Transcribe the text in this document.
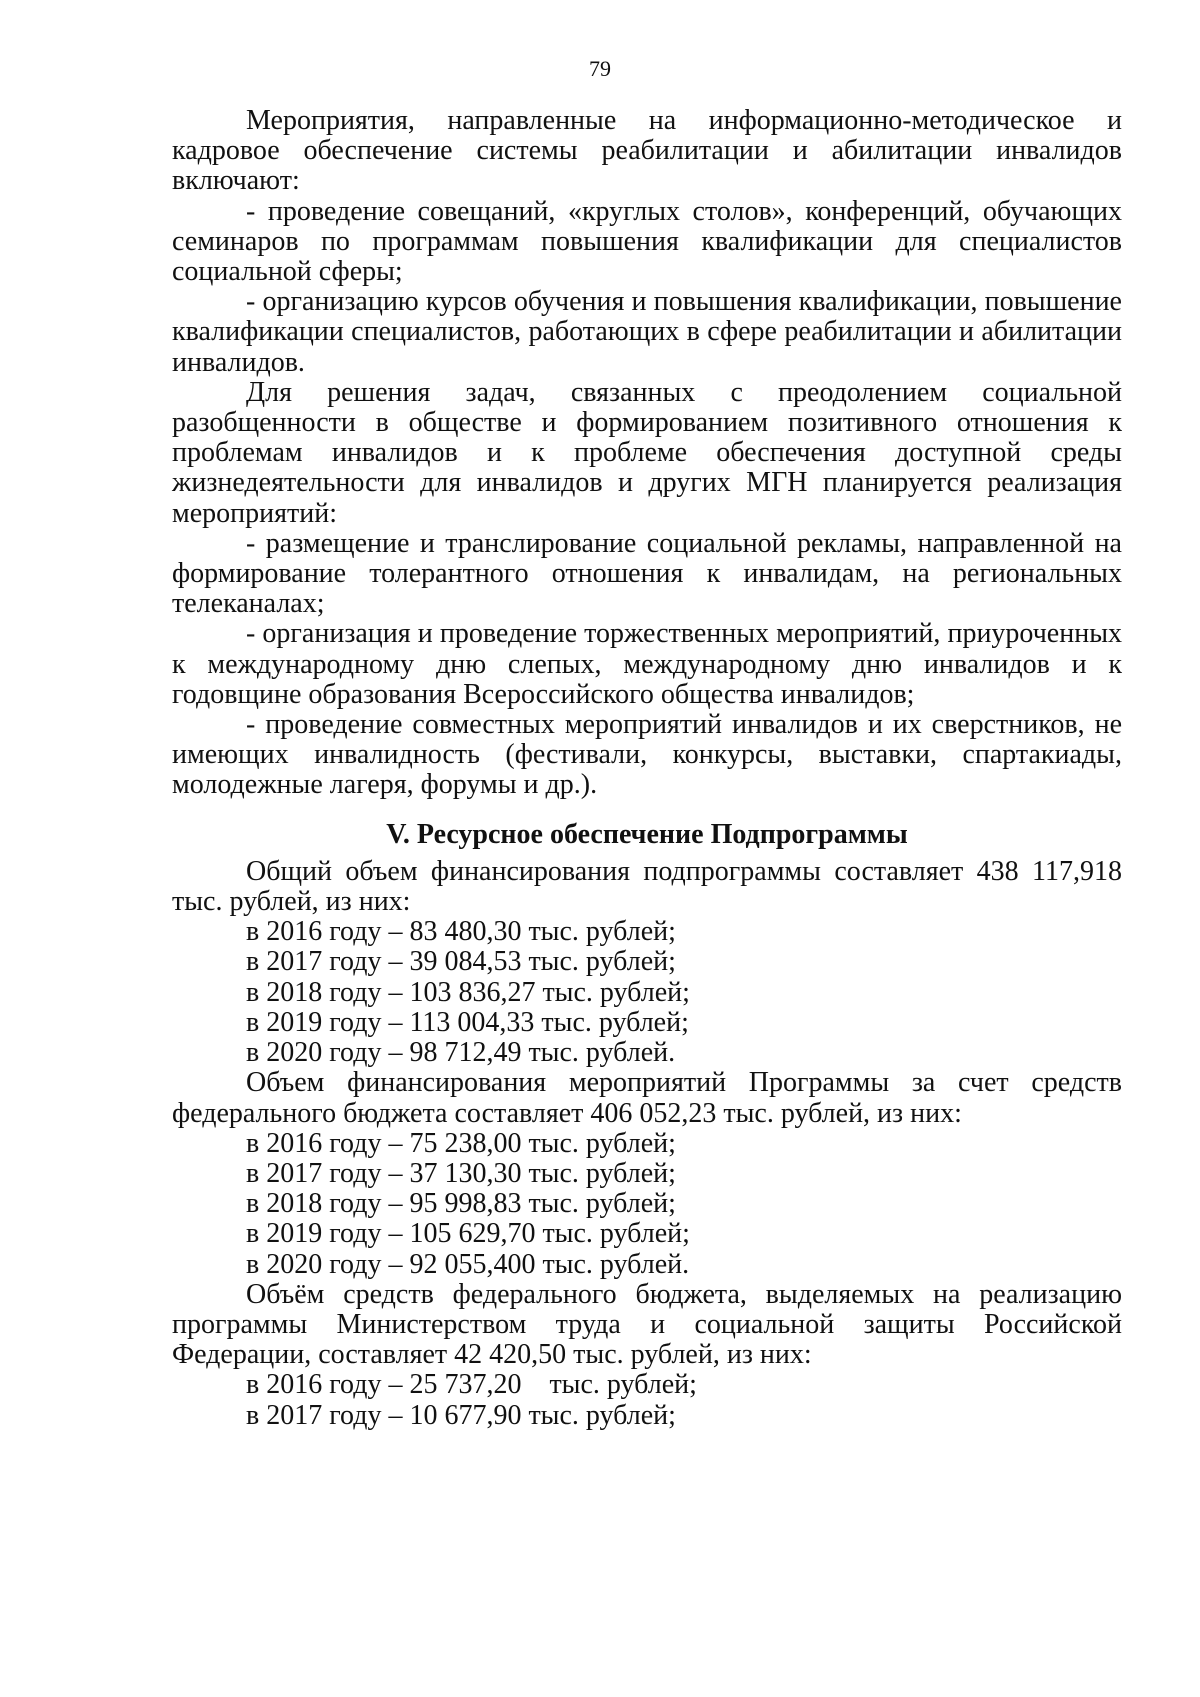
79

Мероприятия, направленные на информационно-методическое и кадровое обеспечение системы реабилитации и абилитации инвалидов включают:

- проведение совещаний, «круглых столов», конференций, обучающих семинаров по программам повышения квалификации для специалистов социальной сферы;

- организацию курсов обучения и повышения квалификации, повышение квалификации специалистов, работающих в сфере реабилитации и абилитации инвалидов.

Для решения задач, связанных с преодолением социальной разобщенности в обществе и формированием позитивного отношения к проблемам инвалидов и к проблеме обеспечения доступной среды жизнедеятельности для инвалидов и других МГН планируется реализация мероприятий:

- размещение и транслирование социальной рекламы, направленной на формирование толерантного отношения к инвалидам, на региональных телеканалах;

- организация и проведение торжественных мероприятий, приуроченных к международному дню слепых, международному дню инвалидов и к годовщине образования Всероссийского общества инвалидов;

- проведение совместных мероприятий инвалидов и их сверстников, не имеющих инвалидность (фестивали, конкурсы, выставки, спартакиады, молодежные лагеря, форумы и др.).

V. Ресурсное обеспечение Подпрограммы

Общий объем финансирования подпрограммы составляет 438 117,918 тыс. рублей, из них:

в 2016 году – 83 480,30 тыс. рублей;

в 2017 году – 39 084,53 тыс. рублей;

в 2018 году – 103 836,27 тыс. рублей;

в 2019 году – 113 004,33 тыс. рублей;

в 2020 году – 98 712,49 тыс. рублей.

Объем финансирования мероприятий Программы за счет средств федерального бюджета составляет 406 052,23 тыс. рублей, из них:

в 2016 году – 75 238,00 тыс. рублей;

в 2017 году – 37 130,30 тыс. рублей;

в 2018 году – 95 998,83 тыс. рублей;

в 2019 году – 105 629,70 тыс. рублей;

в 2020 году – 92 055,400 тыс. рублей.

Объём средств федерального бюджета, выделяемых на реализацию программы Министерством труда и социальной защиты Российской Федерации, составляет 42 420,50 тыс. рублей, из них:

в 2016 году – 25 737,20    тыс. рублей;

в 2017 году – 10 677,90 тыс. рублей;
